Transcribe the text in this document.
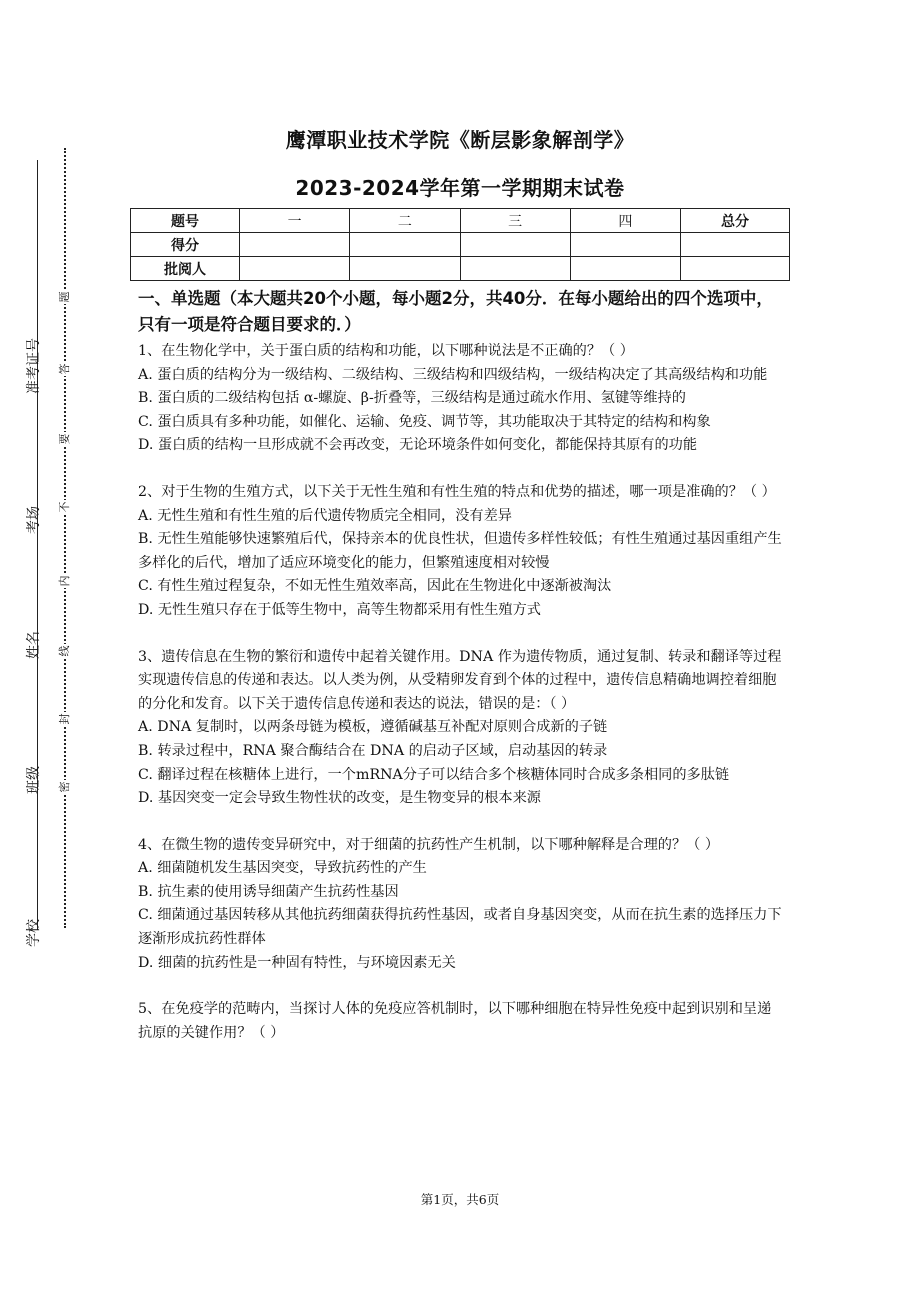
准考证号
考场
姓名
班级
学校
题
答
要
不
内
线
封
密
鹰潭职业技术学院《断层影象解剖学》
2023-2024学年第一学期期末试卷
题号	一	二	三	四	总分
得分					
批阅人					
一、单选题（本大题共20个小题，每小题2分，共40分．在每小题给出的四个选项中，只有一项是符合题目要求的．）

1、在生物化学中，关于蛋白质的结构和功能，以下哪种说法是不正确的？（ ）

A. 蛋白质的结构分为一级结构、二级结构、三级结构和四级结构，一级结构决定了其高级结构和功能

B. 蛋白质的二级结构包括 α-螺旋、β-折叠等，三级结构是通过疏水作用、氢键等维持的

C. 蛋白质具有多种功能，如催化、运输、免疫、调节等，其功能取决于其特定的结构和构象

D. 蛋白质的结构一旦形成就不会再改变，无论环境条件如何变化，都能保持其原有的功能

2、对于生物的生殖方式，以下关于无性生殖和有性生殖的特点和优势的描述，哪一项是准确的？（ ）

A. 无性生殖和有性生殖的后代遗传物质完全相同，没有差异

B. 无性生殖能够快速繁殖后代，保持亲本的优良性状，但遗传多样性较低；有性生殖通过基因重组产生多样化的后代，增加了适应环境变化的能力，但繁殖速度相对较慢

C. 有性生殖过程复杂，不如无性生殖效率高，因此在生物进化中逐渐被淘汰

D. 无性生殖只存在于低等生物中，高等生物都采用有性生殖方式

3、遗传信息在生物的繁衍和遗传中起着关键作用。DNA 作为遗传物质，通过复制、转录和翻译等过程实现遗传信息的传递和表达。以人类为例，从受精卵发育到个体的过程中，遗传信息精确地调控着细胞的分化和发育。以下关于遗传信息传递和表达的说法，错误的是：（ ）

A. DNA 复制时，以两条母链为模板，遵循碱基互补配对原则合成新的子链

B. 转录过程中，RNA 聚合酶结合在 DNA 的启动子区域，启动基因的转录

C. 翻译过程在核糖体上进行，一个mRNA分子可以结合多个核糖体同时合成多条相同的多肽链

D. 基因突变一定会导致生物性状的改变，是生物变异的根本来源

4、在微生物的遗传变异研究中，对于细菌的抗药性产生机制，以下哪种解释是合理的？（ ）

A. 细菌随机发生基因突变，导致抗药性的产生

B. 抗生素的使用诱导细菌产生抗药性基因

C. 细菌通过基因转移从其他抗药细菌获得抗药性基因，或者自身基因突变，从而在抗生素的选择压力下逐渐形成抗药性群体

D. 细菌的抗药性是一种固有特性，与环境因素无关

5、在免疫学的范畴内，当探讨人体的免疫应答机制时，以下哪种细胞在特异性免疫中起到识别和呈递抗原的关键作用？（ ）

第1页，共6页
